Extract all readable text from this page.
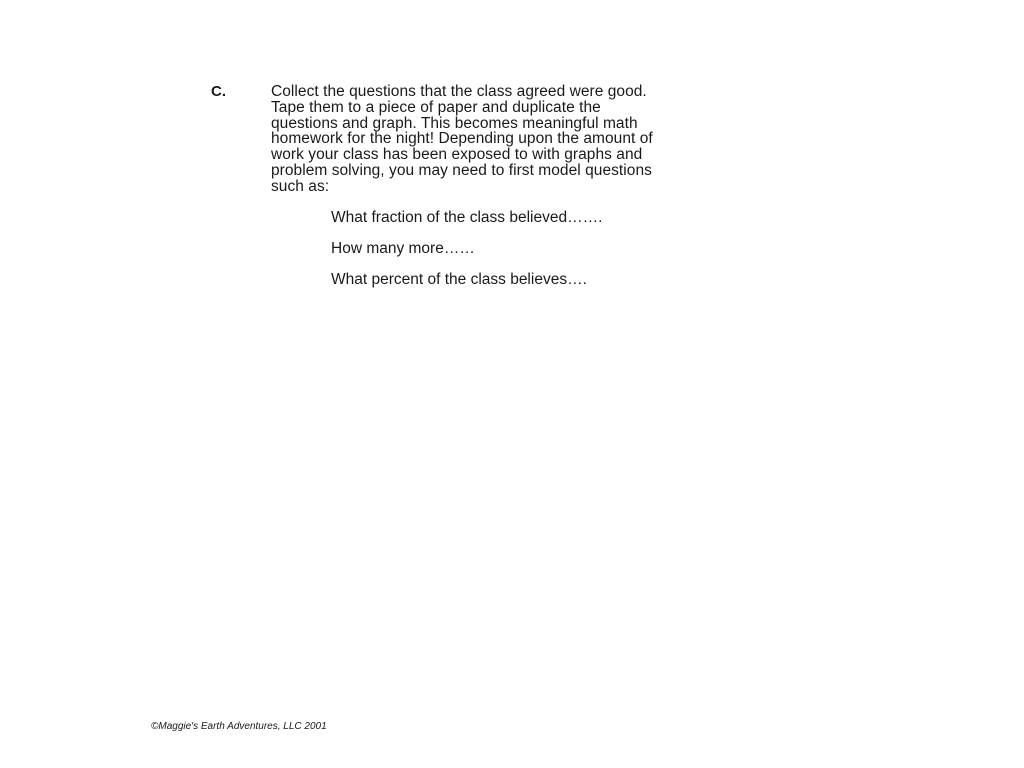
C.	Collect the questions that the class agreed were good.
Tape them to a piece of paper and duplicate the
questions and graph. This becomes meaningful math
homework for the night! Depending upon the amount of
work your class has been exposed to with graphs and
problem solving, you may need to first model questions
such as:
What fraction of the class believed…….
How many more……
What percent of the class believes….
©Maggie's Earth Adventures, LLC 2001
